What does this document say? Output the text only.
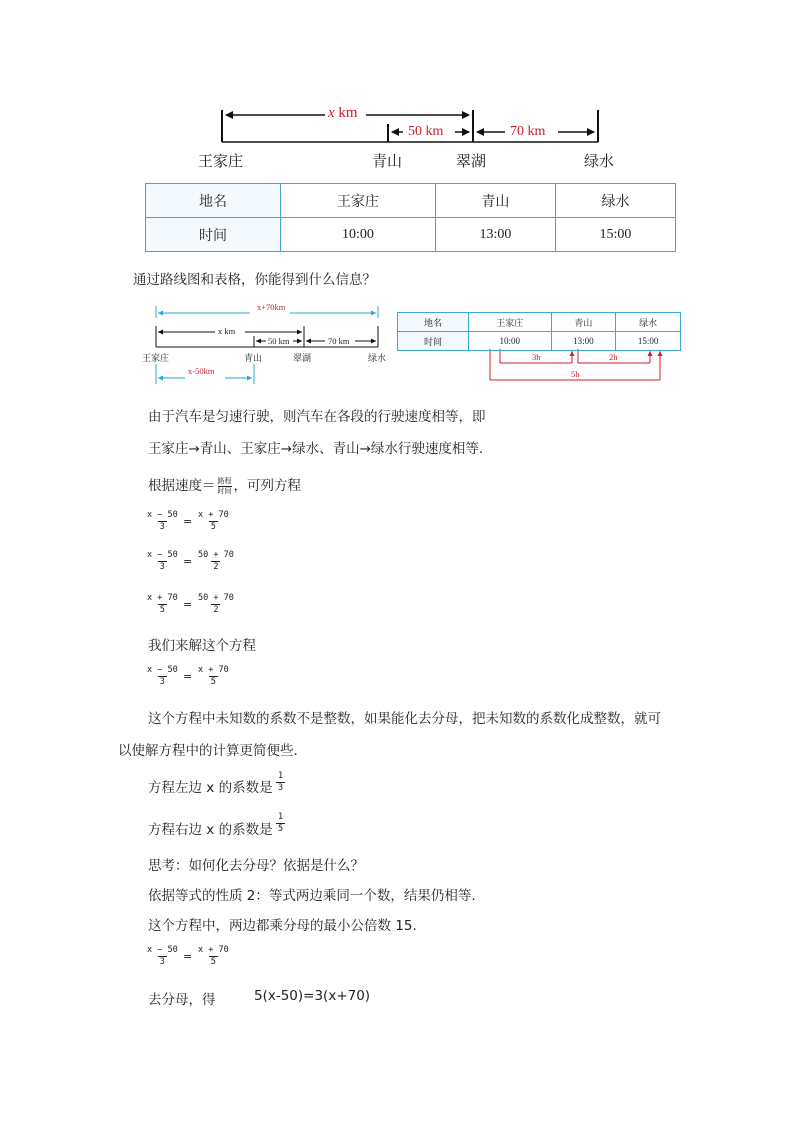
x km
50 km	70 km
王家庄	青山	翠湖	绿水
地名	王家庄	青山	绿水
时间	10:00	13:00	15:00
通过路线图和表格，你能得到什么信息？
x+70km
x km
50 km	70 km
王家庄	青山	翠湖	绿水
x-50km
地名	王家庄	青山	绿水
时间	10:00	13:00	15:00
3h	2h
5h
由于汽车是匀速行驶，则汽车在各段的行驶速度相等，即
王家庄→青山、王家庄→绿水、青山→绿水行驶速度相等.
根据速度＝ 路程
时间 ，可列方程
$\frac{x - 50}{3} = \frac{x + 70}{5}$
$\frac{x - 50}{3} = \frac{50 + 70}{2}$
$\frac{x + 70}{5} = \frac{50 + 70}{2}$
我们来解这个方程
$\frac{x - 50}{3} = \frac{x + 70}{5}$
这个方程中未知数的系数不是整数，如果能化去分母，把未知数的系数化成整数，就可
以使解方程中的计算更简便些.
方程左边 x 的系数是 $\frac{1}{3}$
方程右边 x 的系数是 $\frac{1}{5}$
思考：如何化去分母？依据是什么？
依据等式的性质 2：等式两边乘同一个数，结果仍相等.
这个方程中，两边都乘分母的最小公倍数 15.
$\frac{x - 50}{3} = \frac{x + 70}{5}$
去分母，得	5(x-50)=3(x+70)
